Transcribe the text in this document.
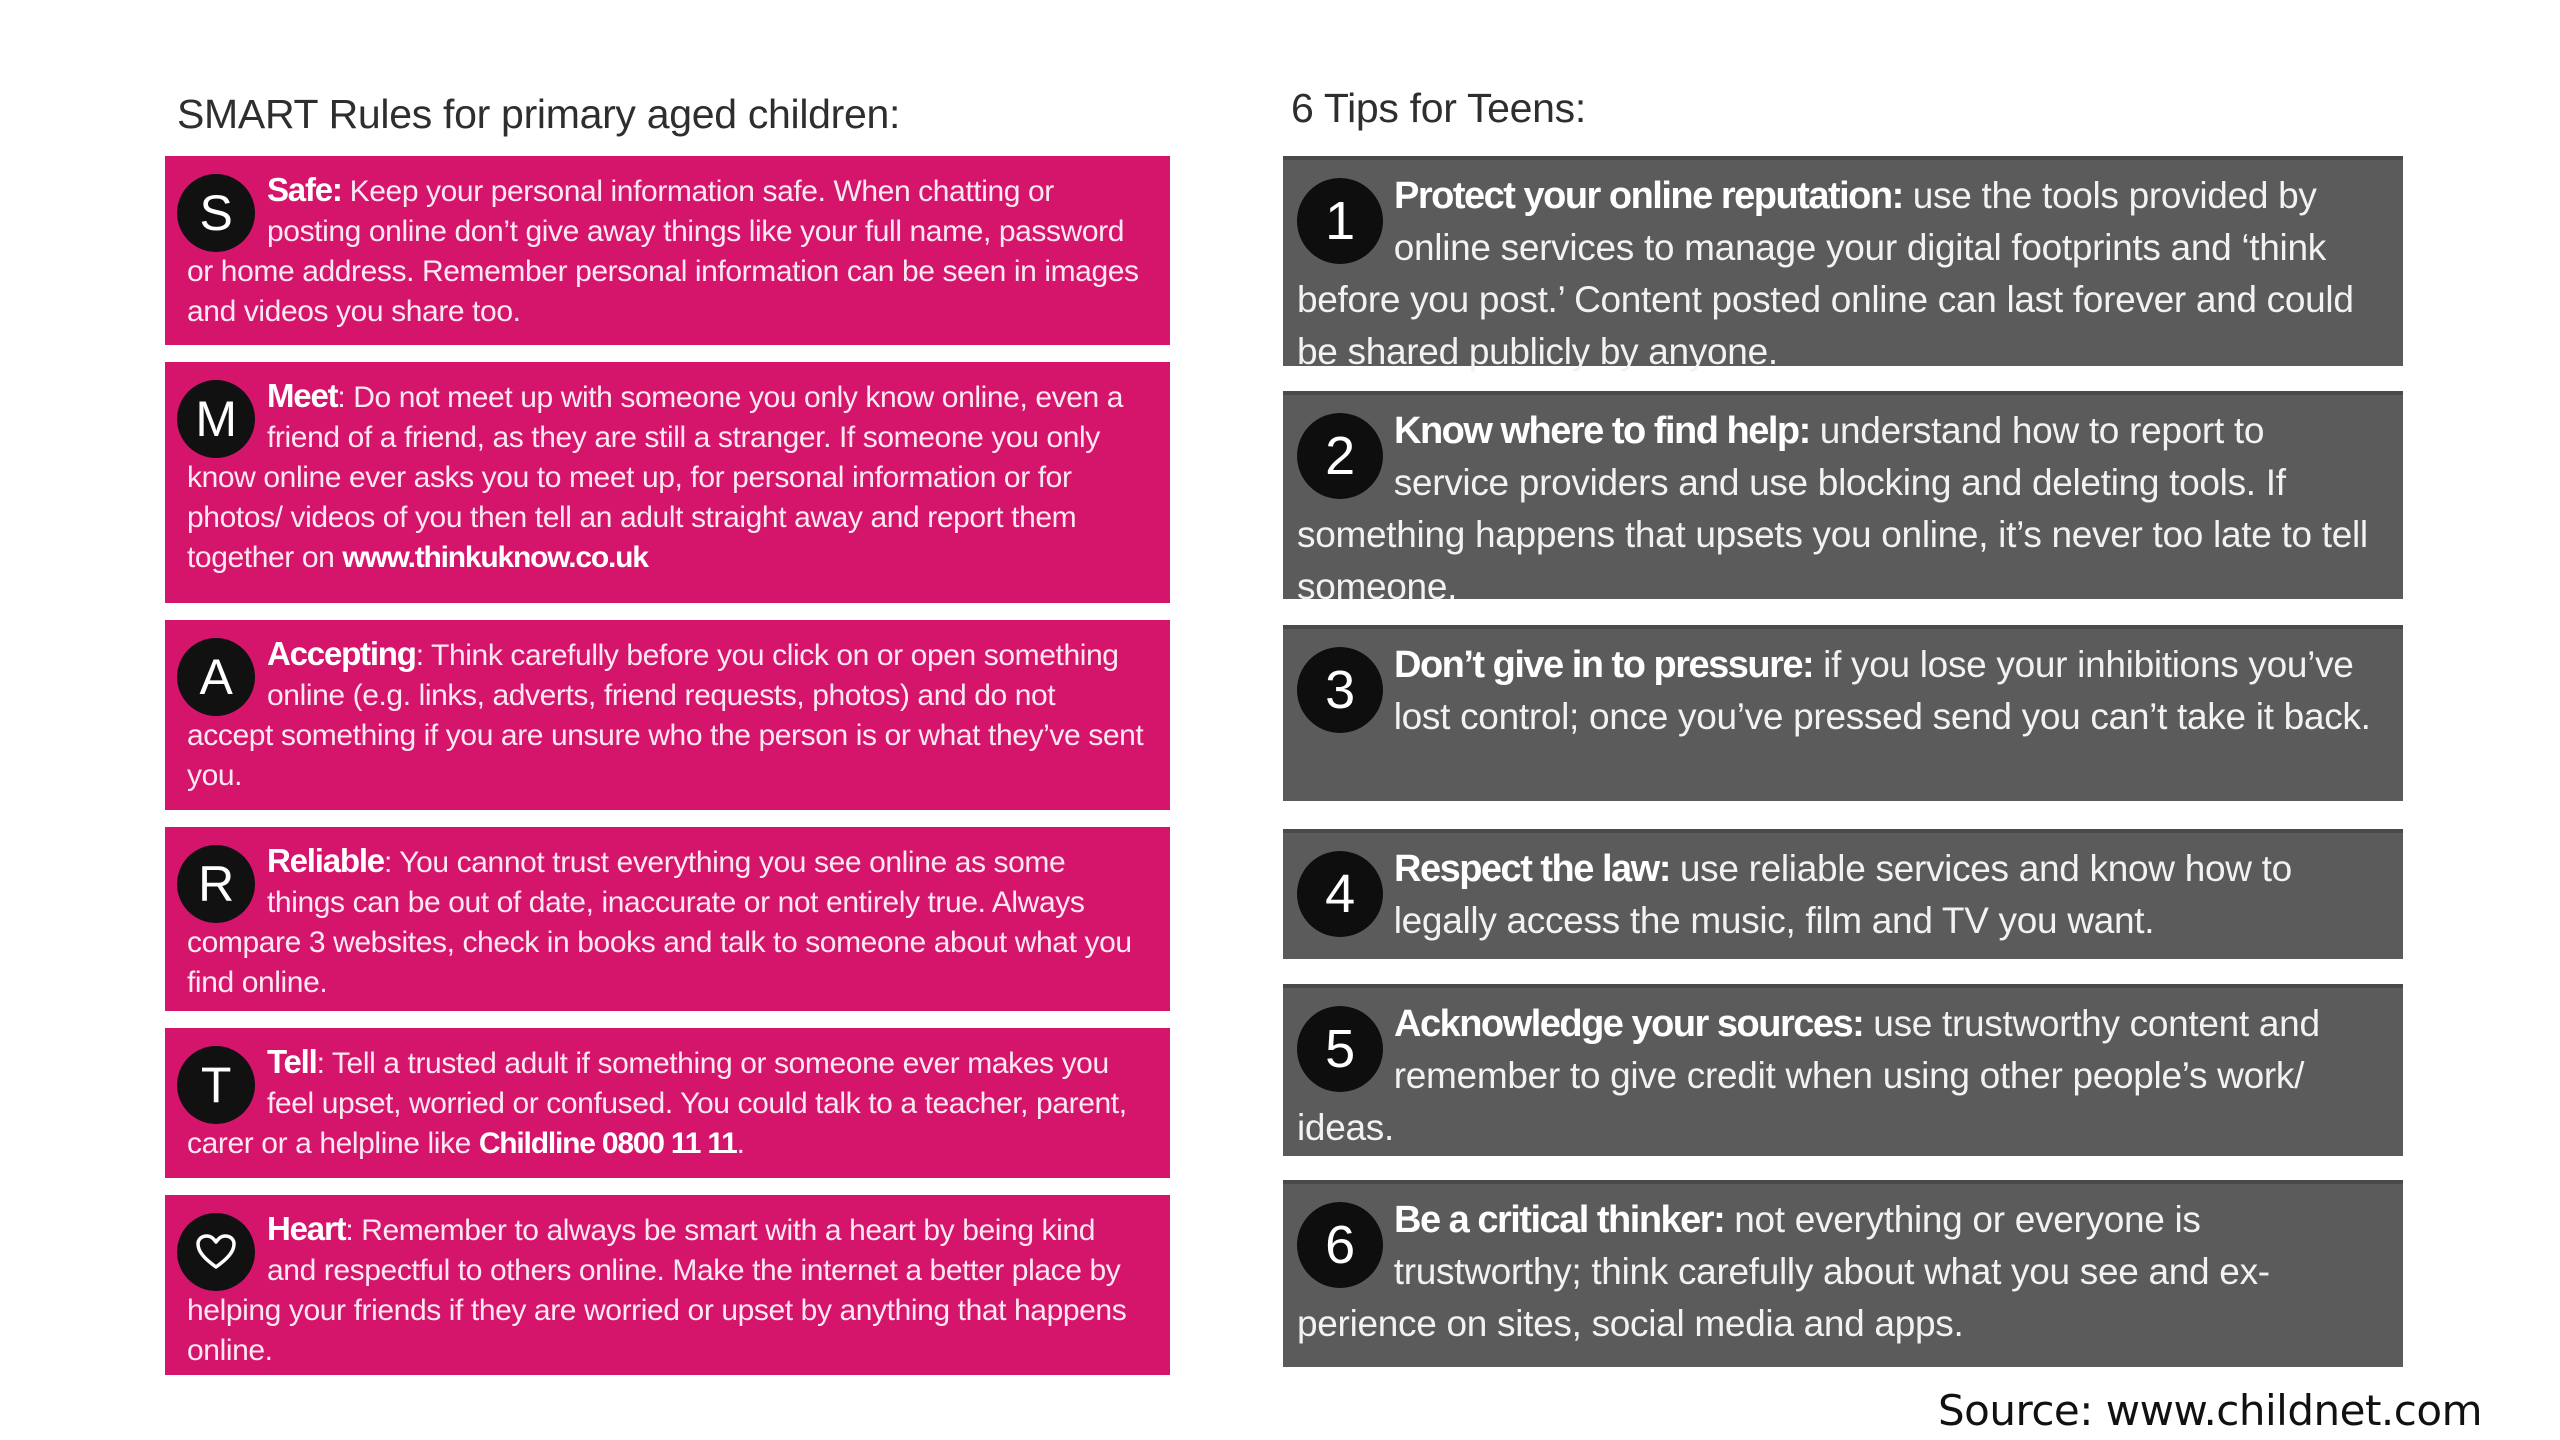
SMART Rules for primary aged children:
S	Safe: Keep your personal information safe. When chatting or posting online don’t give away things like your full name, password or home address. Remember personal information can be seen in images and videos you share too.
M Meet: Do not meet up with someone you only know online, even a friend of a friend, as they are still a stranger. If someone you only know online ever asks you to meet up, for personal information or for photos/ videos of you then tell an adult straight away and report them together on www.thinkuknow.co.uk
A	Accepting: Think carefully before you click on or open something online (e.g. links, adverts, friend requests, photos) and do not accept something if you are unsure who the person is or what they’ve sent you.
R	Reliable: You cannot trust everything you see online as some things can be out of date, inaccurate or not entirely true. Always compare 3 websites, check in books and talk to someone about what you find online.
T	Tell: Tell a trusted adult if something or someone ever makes you feel upset, worried or confused. You could talk to a teacher, parent, carer or a helpline like Childline 0800 11 11.
Heart: Remember to always be smart with a heart by being kind and respectful to others online. Make the internet a better place by helping your friends if they are worried or upset by anything that happens online.
6 Tips for Teens:
1	Protect your online reputation: use the tools provided by online services to manage your digital footprints and ‘think before you post.’ Content posted online can last forever and could be shared publicly by anyone.
2	Know where to find help: understand how to report to service providers and use blocking and deleting tools. If something happens that upsets you online, it’s never too late to tell someone.
3	Don’t give in to pressure: if you lose your inhibitions you’ve lost control; once you’ve pressed send you can’t take it back.
4	Respect the law: use reliable services and know how to legally access the music, film and TV you want.
5	Acknowledge your sources: use trustworthy content and remember to give credit when using other people’s work/ ideas.
6	Be a critical thinker: not everything or everyone is trustworthy; think carefully about what you see and ex-perience on sites, social media and apps.
Source: www.childnet.com
